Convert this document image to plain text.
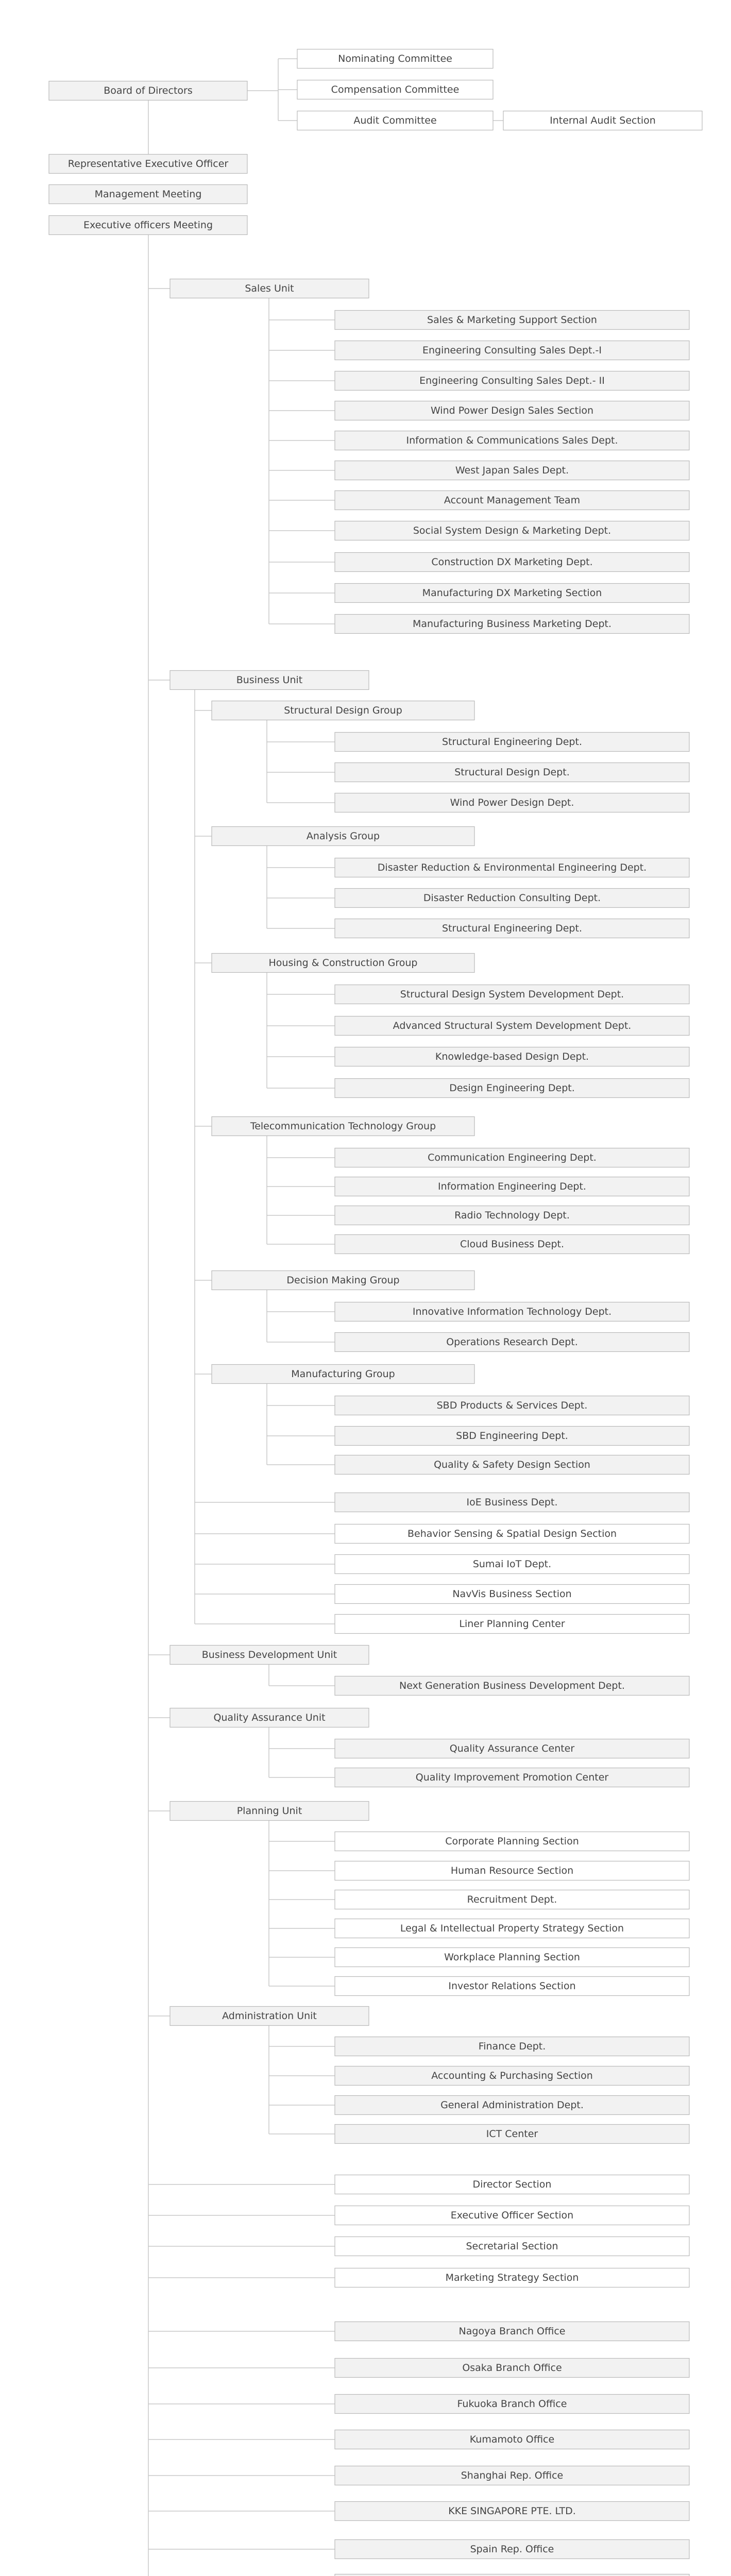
Board of Directors
Nominating Committee
Compensation Committee
Audit Committee	Internal Audit Section
Representative Executive Officer
Management Meeting
Executive officers Meeting
Sales Unit
Sales & Marketing Support Section
Engineering Consulting Sales Dept.-I
Engineering Consulting Sales Dept.- II
Wind Power Design Sales Section
Information & Communications Sales Dept.
West Japan Sales Dept.
Account Management Team
Social System Design & Marketing Dept.
Construction DX Marketing Dept.
Manufacturing DX Marketing Section
Manufacturing Business Marketing Dept.
Business Unit
Structural Design Group
Structural Engineering Dept.
Structural Design Dept.
Wind Power Design Dept.
Analysis Group
Disaster Reduction & Environmental Engineering Dept.
Disaster Reduction Consulting Dept.
Structural Engineering Dept.
Housing & Construction Group
Structural Design System Development Dept.
Advanced Structural System Development Dept.
Knowledge-based Design Dept.
Design Engineering Dept.
Telecommunication Technology Group
Communication Engineering Dept.
Information Engineering Dept.
Radio Technology Dept.
Cloud Business Dept.
Decision Making Group
Innovative Information Technology Dept.
Operations Research Dept.
Manufacturing Group
SBD Products & Services Dept.
SBD Engineering Dept.
Quality & Safety Design Section
IoE Business Dept.
Behavior Sensing & Spatial Design Section
Sumai IoT Dept.
NavVis Business Section
Liner Planning Center
Business Development Unit
Next Generation Business Development Dept.
Quality Assurance Unit
Quality Assurance Center
Quality Improvement Promotion Center
Planning Unit
Corporate Planning Section
Human Resource Section
Recruitment Dept.
Legal & Intellectual Property Strategy Section
Workplace Planning Section
Investor Relations Section
Administration Unit
Finance Dept.
Accounting & Purchasing Section
General Administration Dept.
ICT Center
Director Section
Executive Officer Section
Secretarial Section
Marketing Strategy Section
Nagoya Branch Office
Osaka Branch Office
Fukuoka Branch Office
Kumamoto Office
Shanghai Rep. Office
KKE SINGAPORE PTE. LTD.
Spain Rep. Office
